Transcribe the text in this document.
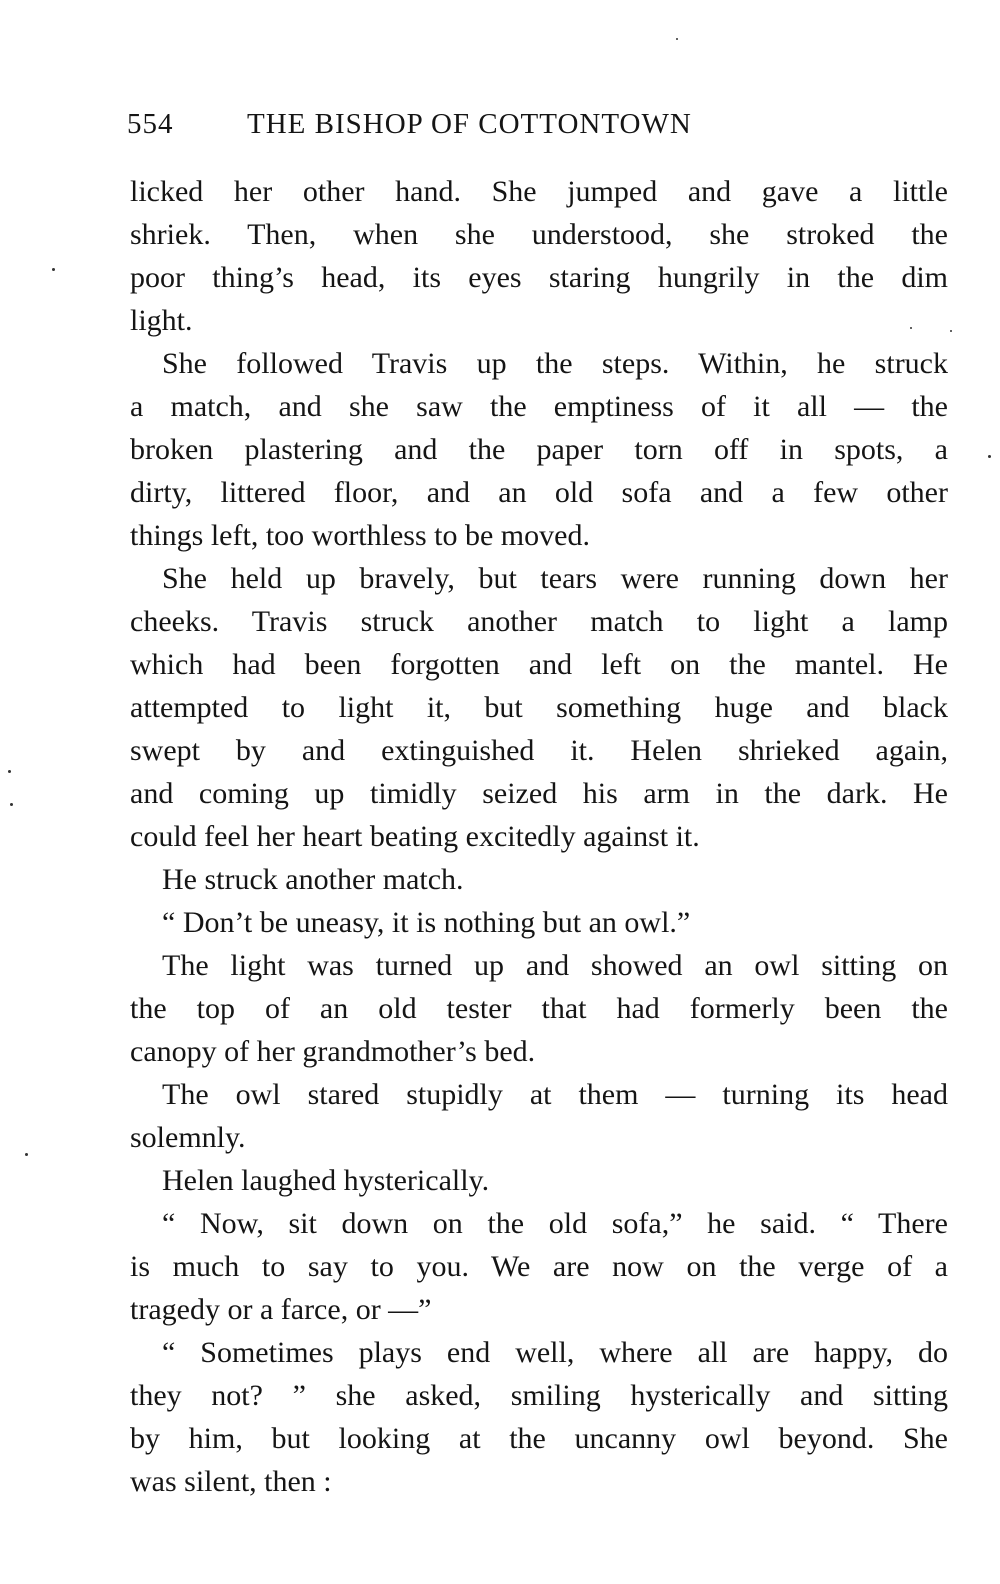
554	THE BISHOP OF COTTONTOWN
licked her other hand. She jumped and gave a little
shriek. Then, when she understood, she stroked the
poor thing’s head, its eyes staring hungrily in the dim
light.
She followed Travis up the steps. Within, he struck
a match, and she saw the emptiness of it all — the
broken plastering and the paper torn off in spots, a
dirty, littered floor, and an old sofa and a few other
things left, too worthless to be moved.
She held up bravely, but tears were running down her
cheeks. Travis struck another match to light a lamp
which had been forgotten and left on the mantel. He
attempted to light it, but something huge and black
swept by and extinguished it. Helen shrieked again,
and coming up timidly seized his arm in the dark. He
could feel her heart beating excitedly against it.
He struck another match.
“ Don’t be uneasy, it is nothing but an owl.”
The light was turned up and showed an owl sitting on
the top of an old tester that had formerly been the
canopy of her grandmother’s bed.
The owl stared stupidly at them — turning its head
solemnly.
Helen laughed hysterically.
“ Now, sit down on the old sofa,” he said. “ There
is much to say to you. We are now on the verge of a
tragedy or a farce, or —”
“ Sometimes plays end well, where all are happy, do
they not? ” she asked, smiling hysterically and sitting
by him, but looking at the uncanny owl beyond. She
was silent, then :
